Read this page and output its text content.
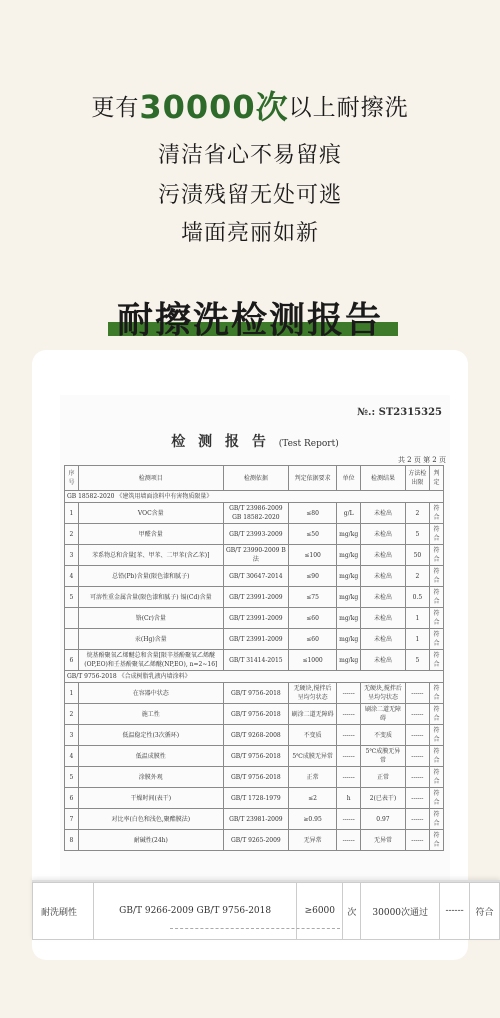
更有30000次以上耐擦洗
清洁省心不易留痕
污渍残留无处可逃
墙面亮丽如新
耐擦洗检测报告
№.: ST2315325
检 测 报 告 (Test Report)
共 2 页 第 2 页
序号	检测项目	检测依据	判定依据要求	单位	检测结果	方法检出限	判定
GB 18582-2020 《建筑用墙面涂料中有害物质限量》							
1	VOC含量	GB/T 23986-2009 GB 18582-2020	≤80	g/L	未检出	2	符合
2	甲醛含量	GB/T 23993-2009	≤50	mg/kg	未检出	5	符合
3	苯系物总和含量[苯、甲苯、二甲苯(含乙苯)]	GB/T 23990-2009 B法	≤100	mg/kg	未检出	50	符合
4	总铅(Pb)含量(限色漆和腻子)	GB/T 30647-2014	≤90	mg/kg	未检出	2	符合
5	可溶性重金属含量(限色漆和腻子) 镉(Cd)含量	GB/T 23991-2009	≤75	mg/kg	未检出	0.5	符合
	铬(Cr)含量	GB/T 23991-2009	≤60	mg/kg	未检出	1	符合
	汞(Hg)含量	GB/T 23991-2009	≤60	mg/kg	未检出	1	符合
6	烷基酚聚氧乙烯醚总和含量[限辛基酚聚氧乙烯醚(OP,EO)和壬基酚聚氧乙烯醚(NP,EO), n=2~16]	GB/T 31414-2015	≤1000	mg/kg	未检出	5	符合
GB/T 9756-2018 《合成树脂乳液内墙涂料》							
1	在容器中状态	GB/T 9756-2018	无硬块,搅拌后呈均匀状态	------	无硬块,搅拌后呈均匀状态	------	符合
2	施工性	GB/T 9756-2018	刷涂二道无障碍	------	刷涂二道无障碍	------	符合
3	低温稳定性(3次循环)	GB/T 9268-2008	不变质	------	不变质	------	符合
4	低温成膜性	GB/T 9756-2018	5℃成膜无异常	------	5℃成膜无异常	------	符合
5	涂膜外观	GB/T 9756-2018	正常	------	正常	------	符合
6	干燥时间(表干)	GB/T 1728-1979	≤2	h	2(已表干)	------	符合
7	对比率(白色和浅色,聚酯膜法)	GB/T 23981-2009	≥0.95	------	0.97	------	符合
8	耐碱性(24h)	GB/T 9265-2009	无异常	------	无异常	------	符合
耐洗刷性	GB/T 9266-2009 GB/T 9756-2018	≥6000	次	30000次通过	------	符合
